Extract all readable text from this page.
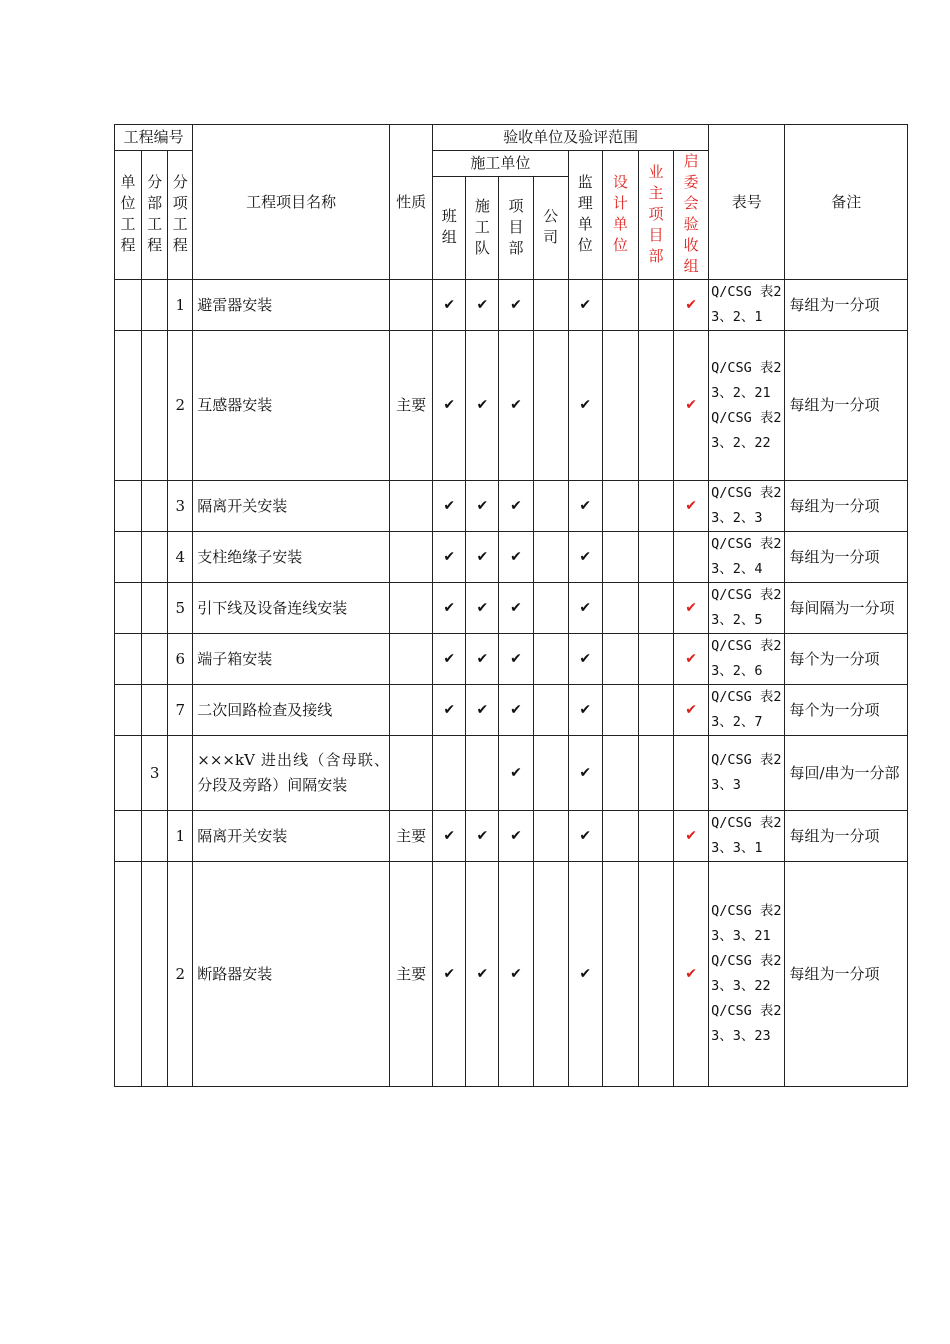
工程编号			工程项目名称	性质	验收单位及验评范围								表号	备注
单位工程	分部工程	分项工程			施工单位				监理单位	设计单位	业主项目部	启委会验收组		
					班组	施工队	项目部	公司						
		1	避雷器安装		✔	✔	✔		✔			✔	Q/CSG 表23、2、1	每组为一分项
		2	互感器安装	主要	✔	✔	✔		✔			✔	Q/CSG 表23、2、21
Q/CSG 表23、2、22	每组为一分项
		3	隔离开关安装		✔	✔	✔		✔			✔	Q/CSG 表23、2、3	每组为一分项
		4	支柱绝缘子安装		✔	✔	✔		✔				Q/CSG 表23、2、4	每组为一分项
		5	引下线及设备连线安装		✔	✔	✔		✔			✔	Q/CSG 表23、2、5	每间隔为一分项
		6	端子箱安装		✔	✔	✔		✔			✔	Q/CSG 表23、2、6	每个为一分项
		7	二次回路检查及接线		✔	✔	✔		✔			✔	Q/CSG 表23、2、7	每个为一分项
	3		×××kV 进出线（含母联、分段及旁路）间隔安装				✔		✔				Q/CSG 表23、3	每回/串为一分部
		1	隔离开关安装	主要	✔	✔	✔		✔			✔	Q/CSG 表23、3、1	每组为一分项
		2	断路器安装	主要	✔	✔	✔		✔			✔	Q/CSG 表23、3、21
Q/CSG 表23、3、22
Q/CSG 表23、3、23	每组为一分项
